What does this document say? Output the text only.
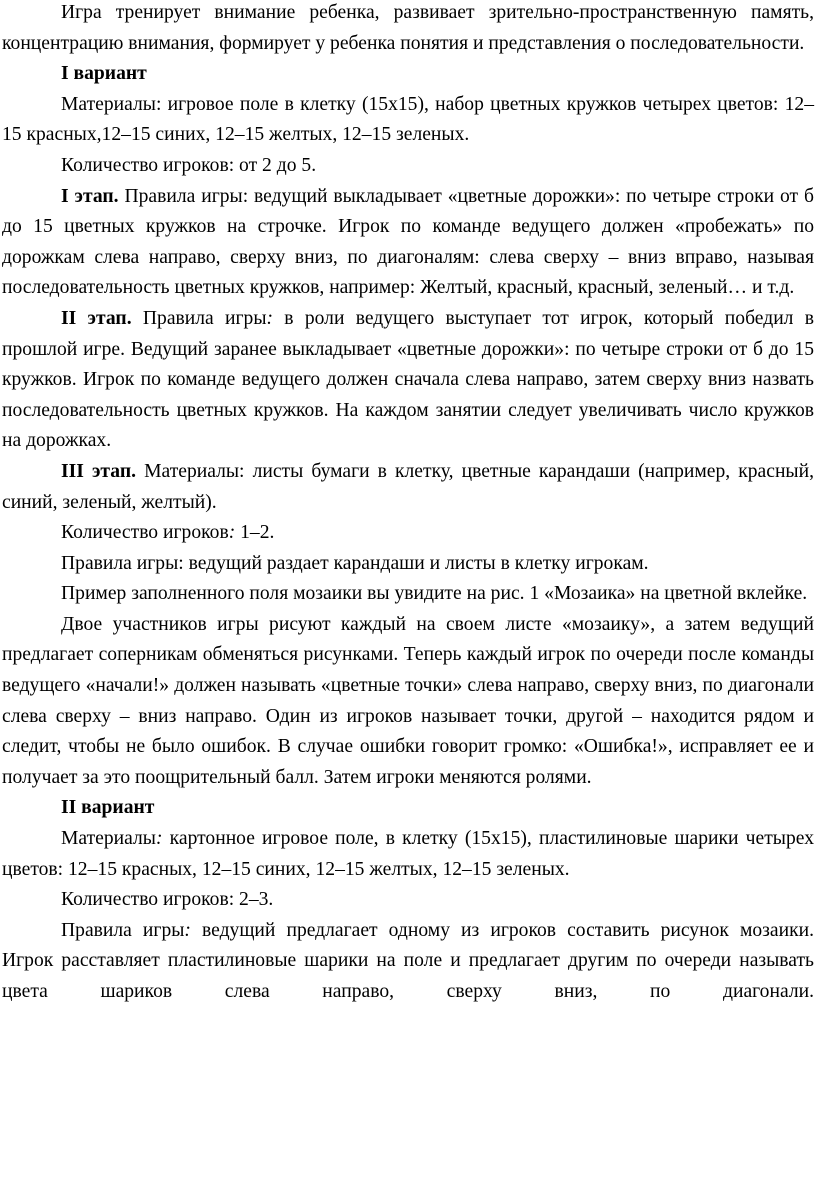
Игра тренирует внимание ребенка, развивает зрительно-пространственную память, концентрацию внимания, формирует у ребенка понятия и представления о последовательности.

I вариант

Материалы: игровое поле в клетку (15х15), набор цветных кружков четырех цветов: 12–15 красных,12–15 синих, 12–15 желтых, 12–15 зеленых.

Количество игроков: от 2 до 5.

I этап. Правила игры: ведущий выкладывает «цветные дорожки»: по четыре строки от б до 15 цветных кружков на строчке. Игрок по команде ведущего должен «пробежать» по дорожкам слева направо, сверху вниз, по диагоналям: слева сверху – вниз вправо, называя последовательность цветных кружков, например: Желтый, красный, красный, зеленый… и т.д.

II этап. Правила игры: в роли ведущего выступает тот игрок, который победил в прошлой игре. Ведущий заранее выкладывает «цветные дорожки»: по четыре строки от б до 15 кружков. Игрок по команде ведущего должен сначала слева направо, затем сверху вниз назвать последовательность цветных кружков. На каждом занятии следует увеличивать число кружков на дорожках.

III этап. Материалы: листы бумаги в клетку, цветные карандаши (например, красный, синий, зеленый, желтый).

Количество игроков: 1–2.

Правила игры: ведущий раздает карандаши и листы в клетку игрокам.

Пример заполненного поля мозаики вы увидите на рис. 1 «Мозаика» на цветной вклейке.

Двое участников игры рисуют каждый на своем листе «мозаику», а затем ведущий предлагает соперникам обменяться рисунками. Теперь каждый игрок по очереди после команды ведущего «начали!» должен называть «цветные точки» слева направо, сверху вниз, по диагонали слева сверху – вниз направо. Один из игроков называет точки, другой – находится рядом и следит, чтобы не было ошибок. В случае ошибки говорит громко: «Ошибка!», исправляет ее и получает за это поощрительный балл. Затем игроки меняются ролями.

II вариант

Материалы: картонное игровое поле, в клетку (15х15), пластилиновые шарики четырех цветов: 12–15 красных, 12–15 синих, 12–15 желтых, 12–15 зеленых.

Количество игроков: 2–3.

Правила игры: ведущий предлагает одному из игроков составить рисунок мозаики. Игрок расставляет пластилиновые шарики на поле и предлагает другим по очереди называть цвета шариков слева направо, сверху вниз, по диагонали.
